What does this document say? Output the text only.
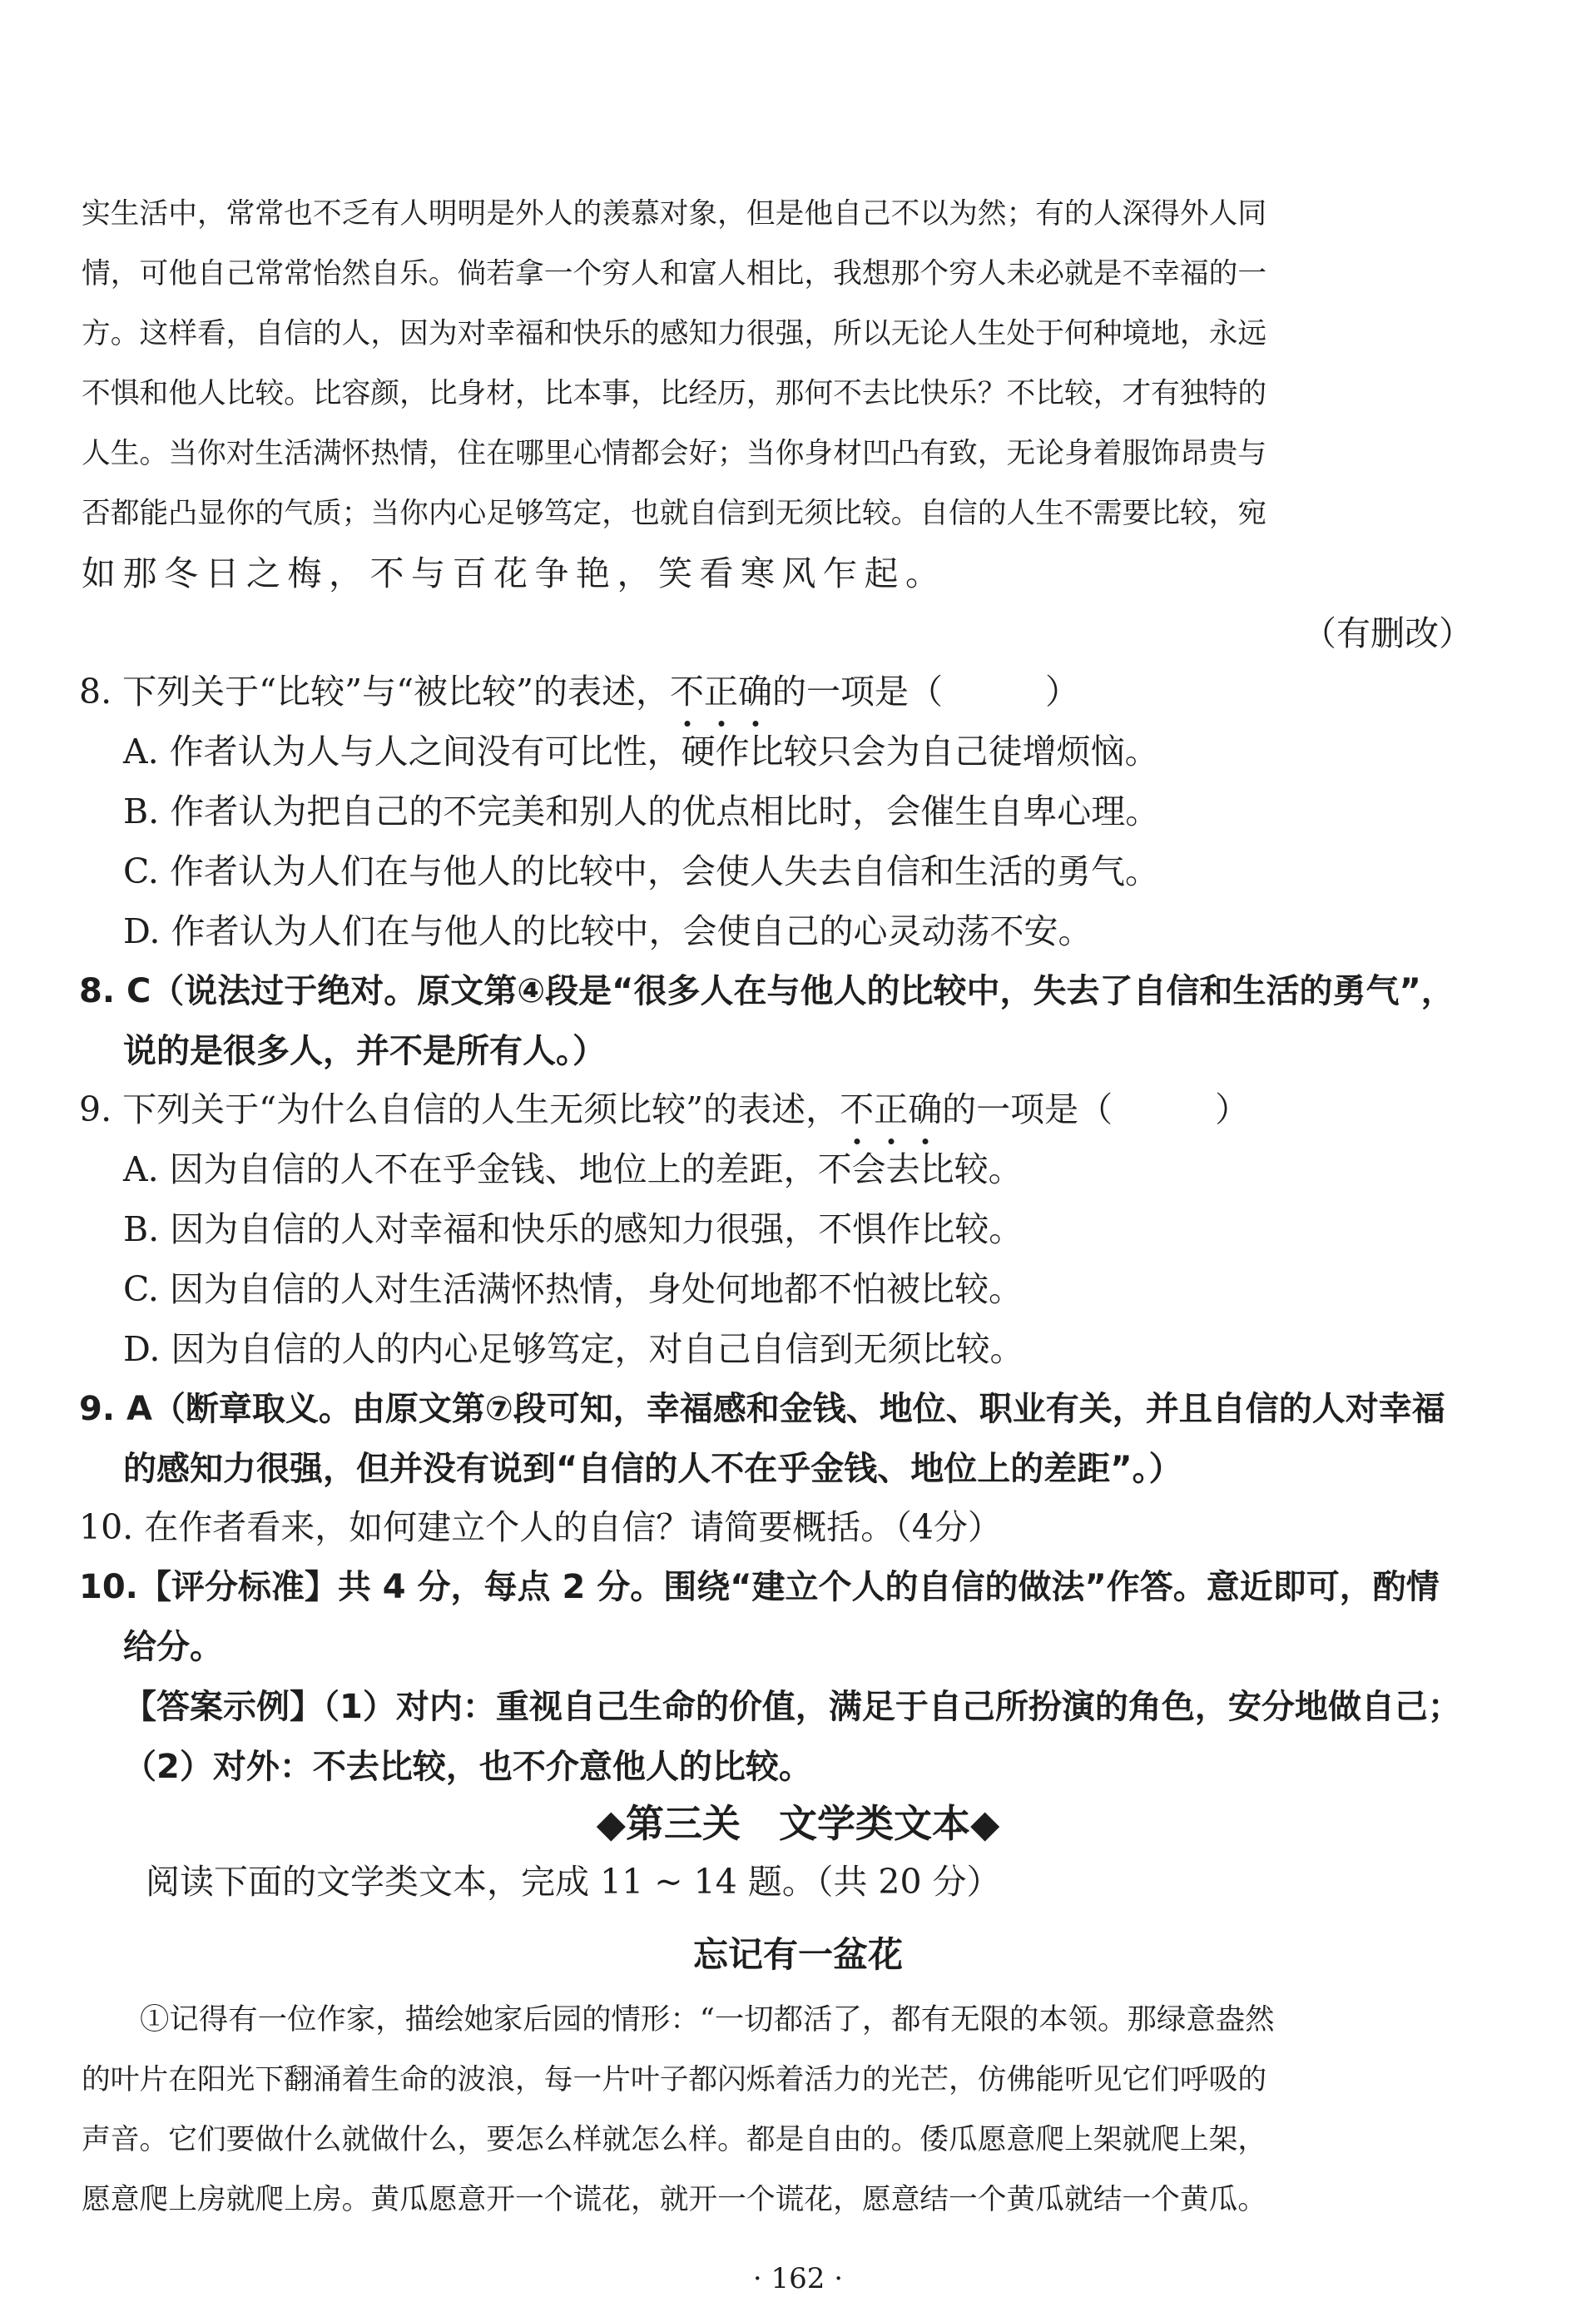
实生活中，常常也不乏有人明明是外人的羡慕对象，但是他自己不以为然；有的人深得外人同
情，可他自己常常怡然自乐。倘若拿一个穷人和富人相比，我想那个穷人未必就是不幸福的一
方。这样看，自信的人，因为对幸福和快乐的感知力很强，所以无论人生处于何种境地，永远
不惧和他人比较。比容颜，比身材，比本事，比经历，那何不去比快乐？不比较，才有独特的
人生。当你对生活满怀热情，住在哪里心情都会好；当你身材凹凸有致，无论身着服饰昂贵与
否都能凸显你的气质；当你内心足够笃定，也就自信到无须比较。自信的人生不需要比较，宛
如那冬日之梅，不与百花争艳，笑看寒风乍起。
（有删改）
8. 下列关于“比较”与“被比较”的表述，不
正
确
的一项是（　　　）
A. 作者认为人与人之间没有可比性，硬作比较只会为自己徒增烦恼。
B. 作者认为把自己的不完美和别人的优点相比时，会催生自卑心理。
C. 作者认为人们在与他人的比较中，会使人失去自信和生活的勇气。
D. 作者认为人们在与他人的比较中，会使自己的心灵动荡不安。
8. C（说法过于绝对。原文第④段是“很多人在与他人的比较中，失去了自信和生活的勇气”，
说的是很多人，并不是所有人。）
9. 下列关于“为什么自信的人生无须比较”的表述，不
正
确
的一项是（　　　）
A. 因为自信的人不在乎金钱、地位上的差距，不会去比较。
B. 因为自信的人对幸福和快乐的感知力很强，不惧作比较。
C. 因为自信的人对生活满怀热情，身处何地都不怕被比较。
D. 因为自信的人的内心足够笃定，对自己自信到无须比较。
9. A（断章取义。由原文第⑦段可知，幸福感和金钱、地位、职业有关，并且自信的人对幸福
的感知力很强，但并没有说到“自信的人不在乎金钱、地位上的差距”。）
10. 在作者看来，如何建立个人的自信？请简要概括。（4分）
10.【评分标准】共 4 分，每点 2 分。围绕“建立个人的自信的做法”作答。意近即可，酌情
给分。
【答案示例】（1）对内：重视自己生命的价值，满足于自己所扮演的角色，安分地做自己；
（2）对外：不去比较，也不介意他人的比较。
◆第三关　文学类文本◆
阅读下面的文学类文本，完成 11 ~ 14 题。（共 20 分）
忘记有一盆花
①记得有一位作家，描绘她家后园的情形：“一切都活了，都有无限的本领。那绿意盎然
的叶片在阳光下翻涌着生命的波浪，每一片叶子都闪烁着活力的光芒，仿佛能听见它们呼吸的
声音。它们要做什么就做什么，要怎么样就怎么样。都是自由的。倭瓜愿意爬上架就爬上架，
愿意爬上房就爬上房。黄瓜愿意开一个谎花，就开一个谎花，愿意结一个黄瓜就结一个黄瓜。
· 162 ·
